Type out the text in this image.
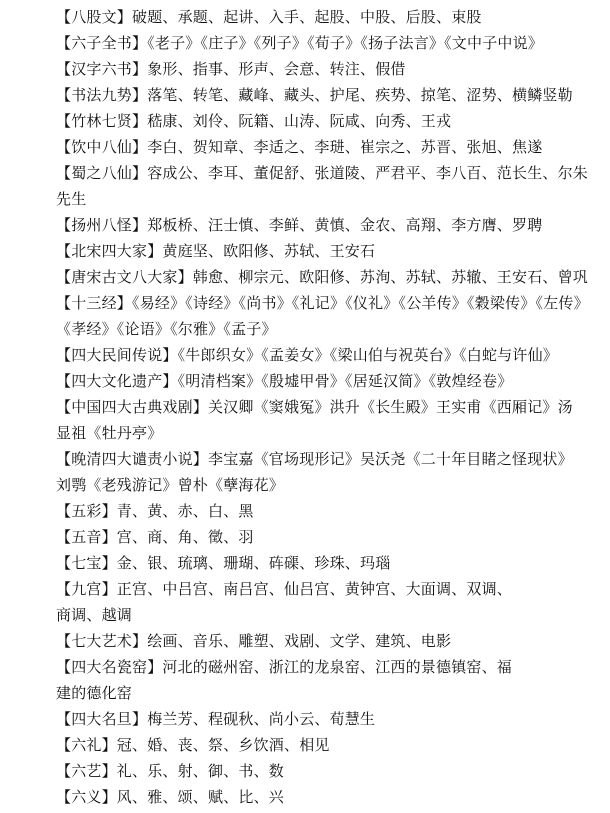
【八股文】破题、承题、起讲、入手、起股、中股、后股、束股
【六子全书】《老子》《庄子》《列子》《荀子》《扬子法言》《文中子中说》
【汉字六书】象形、指事、形声、会意、转注、假借
【书法九势】落笔、转笔、藏峰、藏头、护尾、疾势、掠笔、涩势、横鳞竖勒
【竹林七贤】嵇康、刘伶、阮籍、山涛、阮咸、向秀、王戎
【饮中八仙】李白、贺知章、李适之、李琎、崔宗之、苏晋、张旭、焦遂
【蜀之八仙】容成公、李耳、董促舒、张道陵、严君平、李八百、范长生、尔朱
先生
【扬州八怪】郑板桥、汪士慎、李鲜、黄慎、金农、高翔、李方膺、罗聘
【北宋四大家】黄庭坚、欧阳修、苏轼、王安石
【唐宋古文八大家】韩愈、柳宗元、欧阳修、苏洵、苏轼、苏辙、王安石、曾巩
【十三经】《易经》《诗经》《尚书》《礼记》《仪礼》《公羊传》《穀梁传》《左传》
《孝经》《论语》《尔雅》《孟子》
【四大民间传说】《牛郎织女》《孟姜女》《梁山伯与祝英台》《白蛇与许仙》
【四大文化遗产】《明清档案》《殷墟甲骨》《居延汉简》《敦煌经卷》
【中国四大古典戏剧】关汉卿《窦娥冤》洪升《长生殿》王实甫《西厢记》汤
显祖《牡丹亭》
【晚清四大谴责小说】李宝嘉《官场现形记》吴沃尧《二十年目睹之怪现状》
刘鹗《老残游记》曾朴《孽海花》
【五彩】青、黄、赤、白、黑
【五音】宫、商、角、徵、羽
【七宝】金、银、琉璃、珊瑚、砗磲、珍珠、玛瑙
【九宫】正宫、中吕宫、南吕宫、仙吕宫、黄钟宫、大面调、双调、
商调、越调
【七大艺术】绘画、音乐、雕塑、戏剧、文学、建筑、电影
【四大名瓷窑】河北的磁州窑、浙江的龙泉窑、江西的景德镇窑、福
建的德化窑
【四大名旦】梅兰芳、程砚秋、尚小云、荀慧生
【六礼】冠、婚、丧、祭、乡饮酒、相见
【六艺】礼、乐、射、御、书、数
【六义】风、雅、颂、赋、比、兴
